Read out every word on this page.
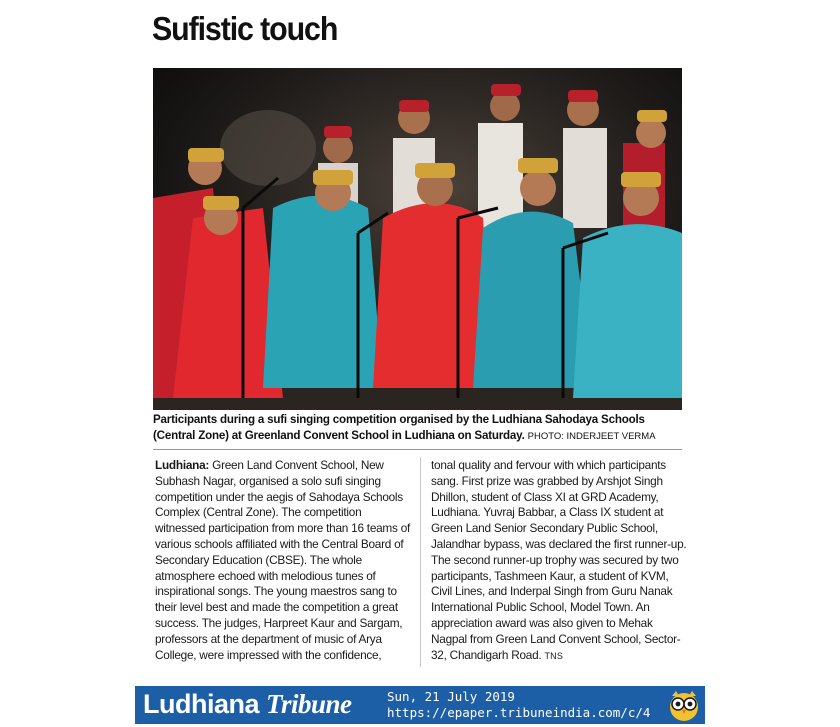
Sufistic touch
Participants during a sufi singing competition organised by the Ludhiana Sahodaya Schools (Central Zone) at Greenland Convent School in Ludhiana on Saturday. PHOTO: INDERJEET VERMA
Ludhiana: Green Land Convent School, New Subhash Nagar, organised a solo sufi singing competition under the aegis of Sahodaya Schools Complex (Central Zone). The competition witnessed participation from more than 16 teams of various schools affiliated with the Central Board of Secondary Education (CBSE). The whole atmosphere echoed with melodious tunes of inspirational songs. The young maestros sang to their level best and made the competition a great success. The judges, Harpreet Kaur and Sargam, professors at the department of music of Arya College, were impressed with the confidence,
tonal quality and fervour with which participants sang. First prize was grabbed by Arshjot Singh Dhillon, student of Class XI at GRD Academy, Ludhiana. Yuvraj Babbar, a Class IX student at Green Land Senior Secondary Public School, Jalandhar bypass, was declared the first runner-up. The second runner-up trophy was secured by two participants, Tashmeen Kaur, a student of KVM, Civil Lines, and Inderpal Singh from Guru Nanak International Public School, Model Town. An appreciation award was also given to Mehak Nagpal from Green Land Convent School, Sector-32, Chandigarh Road. TNS
Ludhiana Tribune	Sun, 21 July 2019
https://epaper.tribuneindia.com/c/4
